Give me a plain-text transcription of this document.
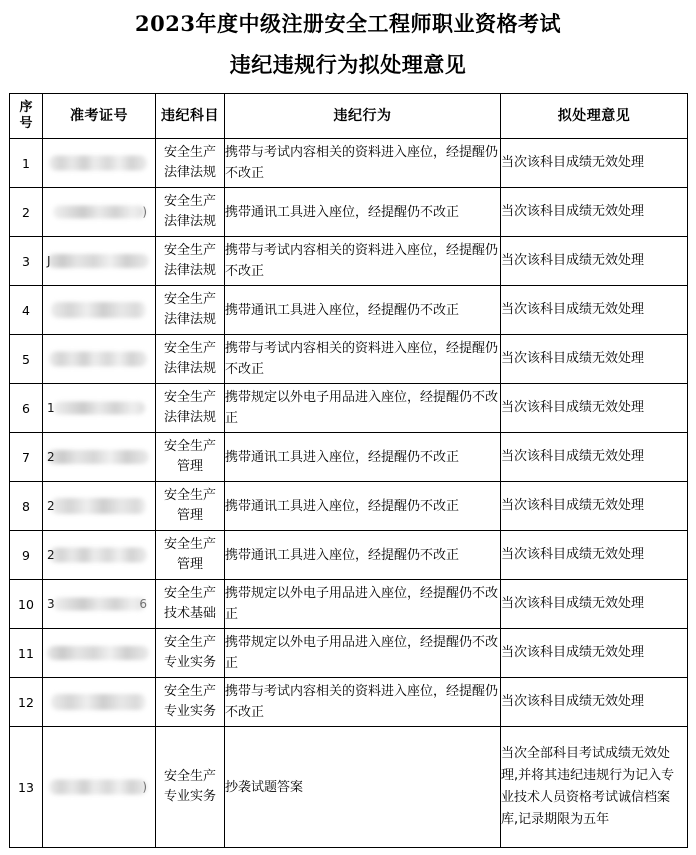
2023年度中级注册安全工程师职业资格考试
违纪违规行为拟处理意见
序
号	准考证号	违纪科目	违纪行为	拟处理意见
1		安全生产
法律法规	携带与考试内容相关的资料进入座位，经提醒仍不改正	当次该科目成绩无效处理
2	)	安全生产
法律法规	携带通讯工具进入座位，经提醒仍不改正	当次该科目成绩无效处理
3	J	安全生产
法律法规	携带与考试内容相关的资料进入座位，经提醒仍不改正	当次该科目成绩无效处理
4		安全生产
法律法规	携带通讯工具进入座位，经提醒仍不改正	当次该科目成绩无效处理
5		安全生产
法律法规	携带与考试内容相关的资料进入座位，经提醒仍不改正	当次该科目成绩无效处理
6	1	安全生产
法律法规	携带规定以外电子用品进入座位，经提醒仍不改正	当次该科目成绩无效处理
7	2	安全生产
管理	携带通讯工具进入座位，经提醒仍不改正	当次该科目成绩无效处理
8	2	安全生产
管理	携带通讯工具进入座位，经提醒仍不改正	当次该科目成绩无效处理
9	2	安全生产
管理	携带通讯工具进入座位，经提醒仍不改正	当次该科目成绩无效处理
10	3 6	安全生产
技术基础	携带规定以外电子用品进入座位，经提醒仍不改正	当次该科目成绩无效处理
11		安全生产
专业实务	携带规定以外电子用品进入座位，经提醒仍不改正	当次该科目成绩无效处理
12		安全生产
专业实务	携带与考试内容相关的资料进入座位，经提醒仍不改正	当次该科目成绩无效处理
13	)	安全生产
专业实务	抄袭试题答案	当次全部科目考试成绩无效处理,并将其违纪违规行为记入专业技术人员资格考试诚信档案库,记录期限为五年
